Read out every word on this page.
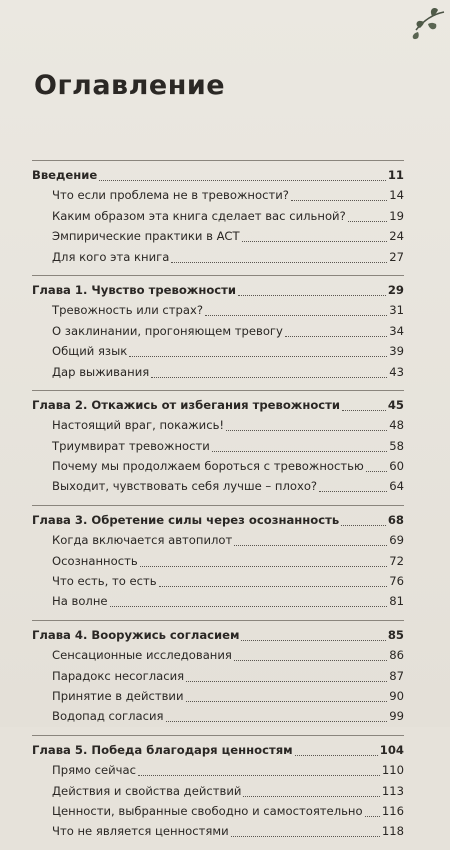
Оглавление
Введение	11
Что если проблема не в тревожности?	14
Каким образом эта книга сделает вас сильной?	19
Эмпирические практики в ACT	24
Для кого эта книга	27
Глава 1. Чувство тревожности	29
Тревожность или страх?	31
О заклинании, прогоняющем тревогу	34
Общий язык	39
Дар выживания	43
Глава 2. Откажись от избегания тревожности	45
Настоящий враг, покажись!	48
Триумвират тревожности	58
Почему мы продолжаем бороться с тревожностью 60
Выходит, чувствовать себя лучше – плохо?	64
Глава 3. Обретение силы через осознанность	68
Когда включается автопилот	69
Осознанность	72
Что есть, то есть	76
На волне	81
Глава 4. Вооружись согласием	85
Сенсационные исследования	86
Парадокс несогласия	87
Принятие в действии	90
Водопад согласия	99
Глава 5. Победа благодаря ценностям	104
Прямо сейчас	110
Действия и свойства действий	113
Ценности, выбранные свободно и самостоятельно 116
Что не является ценностями	118
